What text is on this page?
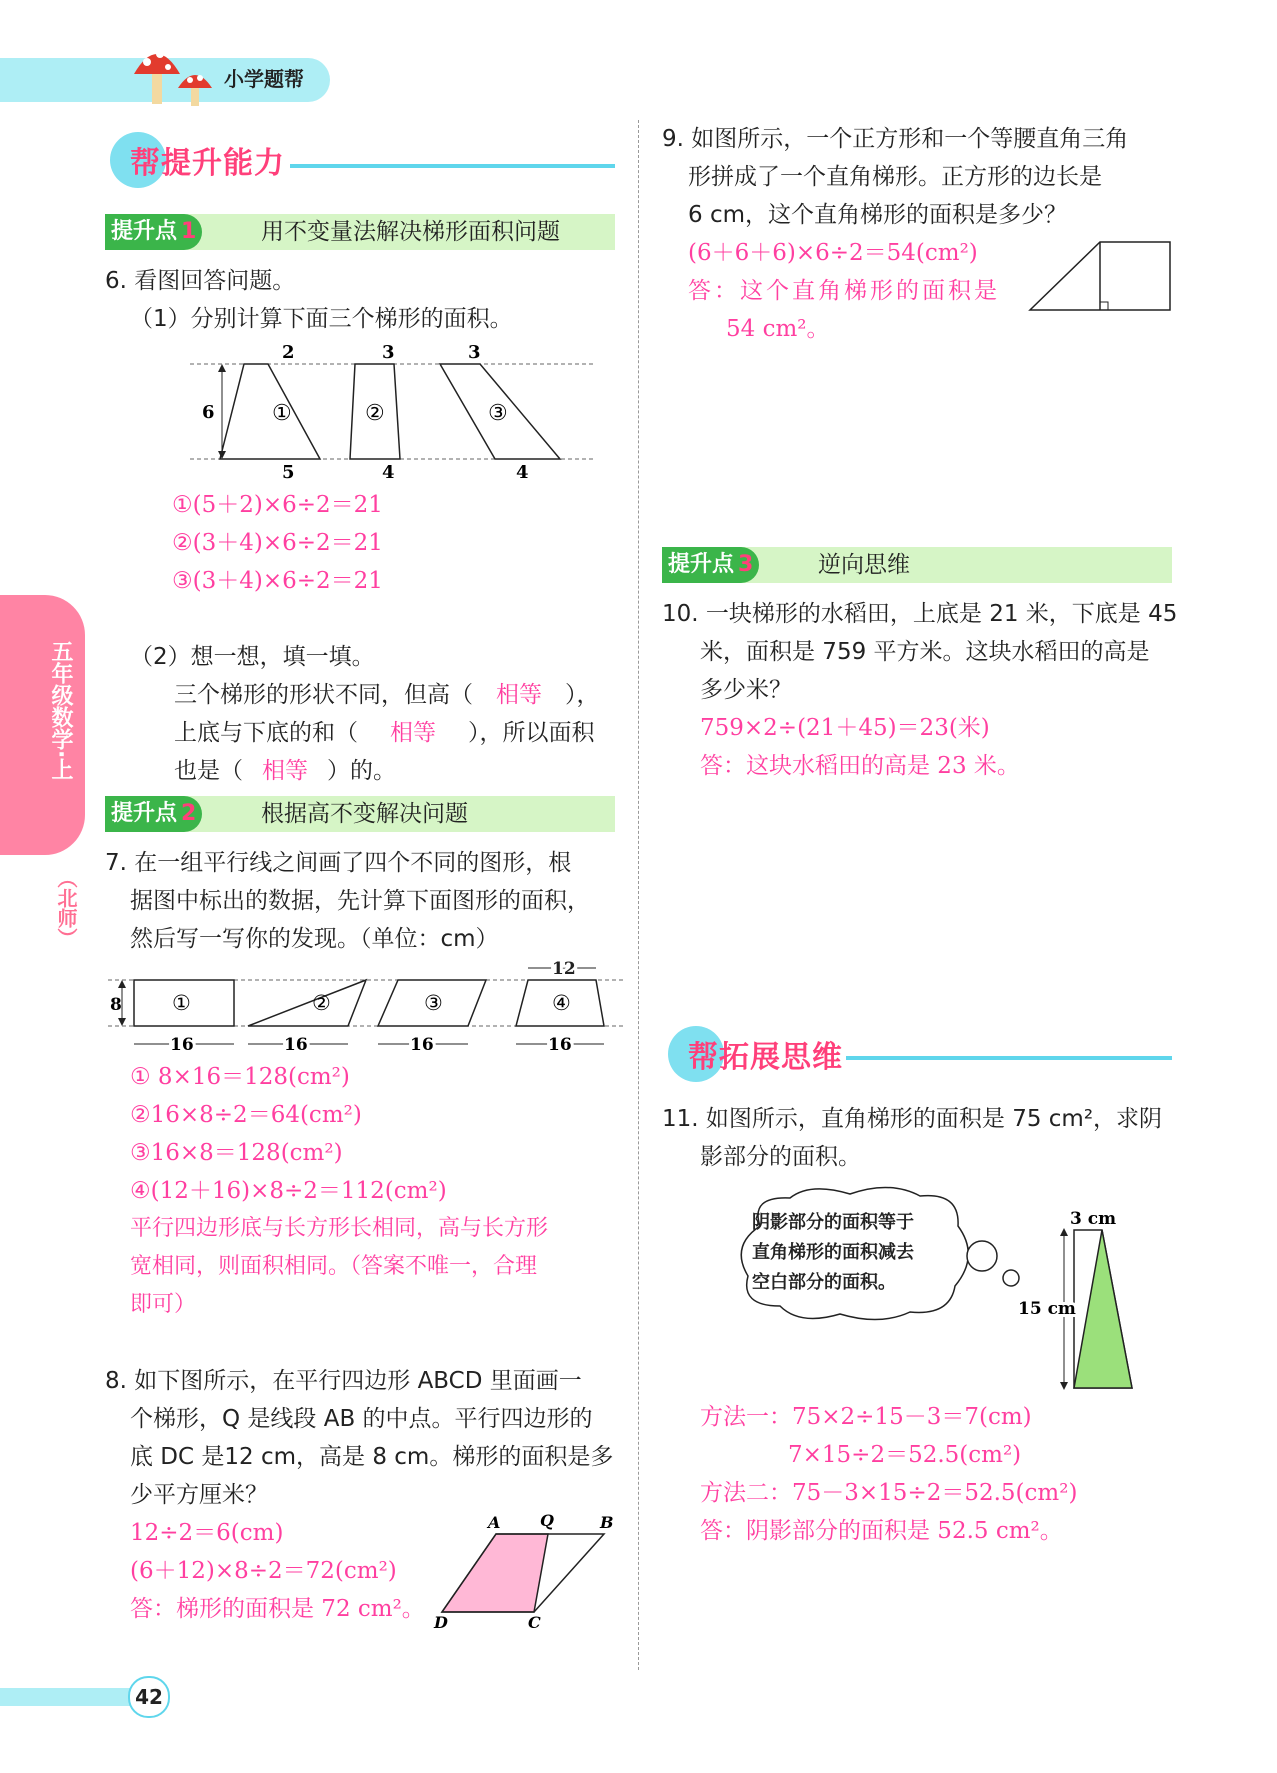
小学题帮
五年级数学·上
（北师）
帮提升能力
提升点 1	用不变量法解决梯形面积问题
6. 看图回答问题。
（1）分别计算下面三个梯形的面积。
6
2	3	3
5	4	4
①	②	③
①(5＋2)×6÷2＝21
②(3＋4)×6÷2＝21
③(3＋4)×6÷2＝21
（2）想一想，填一填。
三个梯形的形状不同，但高（ 相等 ），
上底与下底的和（ 相等 ），所以面积
也是（ 相等 ）的。
提升点 2	根据高不变解决问题
7. 在一组平行线之间画了四个不同的图形，根
据图中标出的数据，先计算下面图形的面积，
然后写一写你的发现。（单位：cm）
8 ①	②	③	④
12
16	16	16	16
① 8×16＝128(cm²)
②16×8÷2＝64(cm²)
③16×8＝128(cm²)
④(12＋16)×8÷2＝112(cm²)
平行四边形底与长方形长相同，高与长方形
宽相同，则面积相同。（答案不唯一，合理
即可）
8. 如下图所示，在平行四边形 ABCD 里面画一
个梯形，Q 是线段 AB 的中点。平行四边形的
底 DC 是12 cm，高是 8 cm。梯形的面积是多
少平方厘米？
12÷2＝6(cm)
(6＋12)×8÷2＝72(cm²)
答：梯形的面积是 72 cm²。
A Q	B
D	C
9. 如图所示，一个正方形和一个等腰直角三角
形拼成了一个直角梯形。正方形的边长是
6 cm，这个直角梯形的面积是多少？
(6＋6＋6)×6÷2＝54(cm²)
答：这个直角梯形的面积是
54 cm²。
提升点 3	逆向思维
10. 一块梯形的水稻田，上底是 21 米，下底是 45
米，面积是 759 平方米。这块水稻田的高是
多少米？
759×2÷(21＋45)＝23(米)
答：这块水稻田的高是 23 米。
帮拓展思维
11. 如图所示，直角梯形的面积是 75 cm²，求阴
影部分的面积。
阴影部分的面积等于
直角梯形的面积减去
空白部分的面积。
3 cm
15 cm
方法一：75×2÷15－3＝7(cm)
7×15÷2＝52.5(cm²)
方法二：75－3×15÷2＝52.5(cm²)
答：阴影部分的面积是 52.5 cm²。
42
